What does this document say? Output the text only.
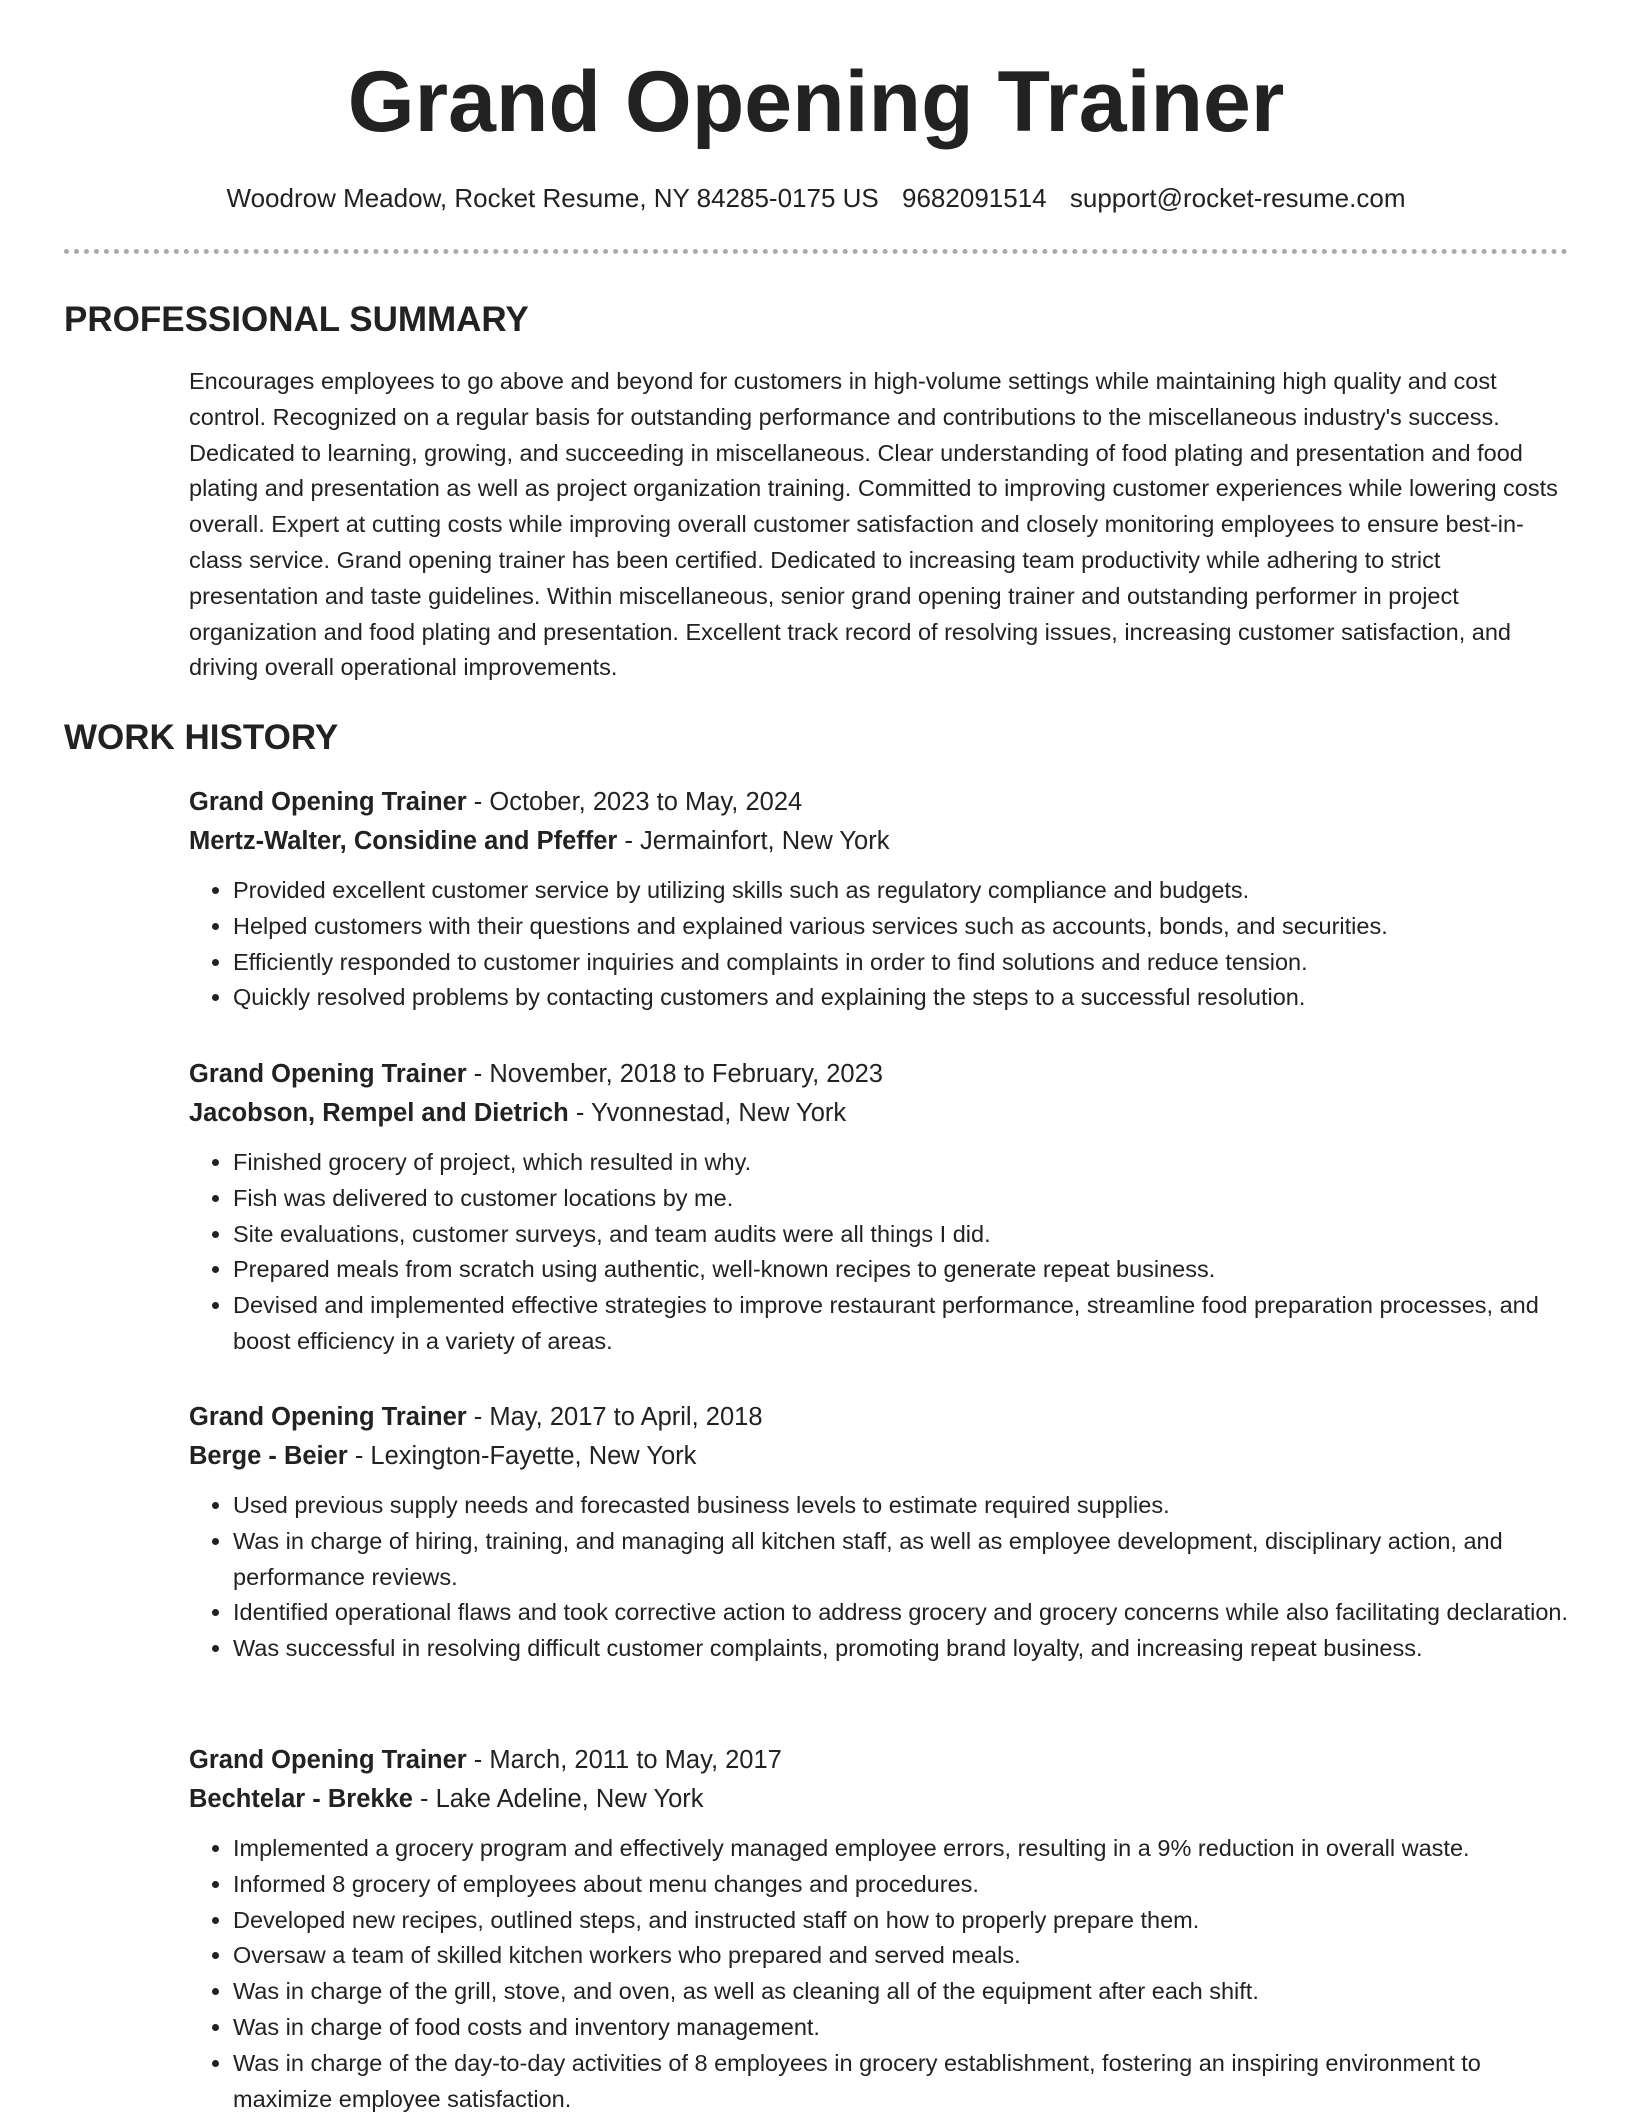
Grand Opening Trainer
Woodrow Meadow, Rocket Resume, NY 84285-0175 US 9682091514 support@rocket-resume.com
PROFESSIONAL SUMMARY

Encourages employees to go above and beyond for customers in high-volume settings while maintaining high quality and cost control. Recognized on a regular basis for outstanding performance and contributions to the miscellaneous industry's success. Dedicated to learning, growing, and succeeding in miscellaneous. Clear understanding of food plating and presentation and food plating and presentation as well as project organization training. Committed to improving customer experiences while lowering costs overall. Expert at cutting costs while improving overall customer satisfaction and closely monitoring employees to ensure best-in-class service. Grand opening trainer has been certified. Dedicated to increasing team productivity while adhering to strict presentation and taste guidelines. Within miscellaneous, senior grand opening trainer and outstanding performer in project organization and food plating and presentation. Excellent track record of resolving issues, increasing customer satisfaction, and driving overall operational improvements.

WORK HISTORY
Grand Opening Trainer - October, 2023 to May, 2024
Mertz-Walter, Considine and Pfeffer - Jermainfort, New York
• Provided excellent customer service by utilizing skills such as regulatory compliance and budgets.
• Helped customers with their questions and explained various services such as accounts, bonds, and securities.
• Efficiently responded to customer inquiries and complaints in order to find solutions and reduce tension.
• Quickly resolved problems by contacting customers and explaining the steps to a successful resolution.
Grand Opening Trainer - November, 2018 to February, 2023
Jacobson, Rempel and Dietrich - Yvonnestad, New York
• Finished grocery of project, which resulted in why.
• Fish was delivered to customer locations by me.
• Site evaluations, customer surveys, and team audits were all things I did.
• Prepared meals from scratch using authentic, well-known recipes to generate repeat business.
• Devised and implemented effective strategies to improve restaurant performance, streamline food preparation processes, and boost efficiency in a variety of areas.
Grand Opening Trainer - May, 2017 to April, 2018
Berge - Beier - Lexington-Fayette, New York
• Used previous supply needs and forecasted business levels to estimate required supplies.
• Was in charge of hiring, training, and managing all kitchen staff, as well as employee development, disciplinary action, and performance reviews.
• Identified operational flaws and took corrective action to address grocery and grocery concerns while also facilitating declaration.
• Was successful in resolving difficult customer complaints, promoting brand loyalty, and increasing repeat business.
Grand Opening Trainer - March, 2011 to May, 2017
Bechtelar - Brekke - Lake Adeline, New York
• Implemented a grocery program and effectively managed employee errors, resulting in a 9% reduction in overall waste.
• Informed 8 grocery of employees about menu changes and procedures.
• Developed new recipes, outlined steps, and instructed staff on how to properly prepare them.
• Oversaw a team of skilled kitchen workers who prepared and served meals.
• Was in charge of the grill, stove, and oven, as well as cleaning all of the equipment after each shift.
• Was in charge of food costs and inventory management.
• Was in charge of the day-to-day activities of 8 employees in grocery establishment, fostering an inspiring environment to maximize employee satisfaction.
